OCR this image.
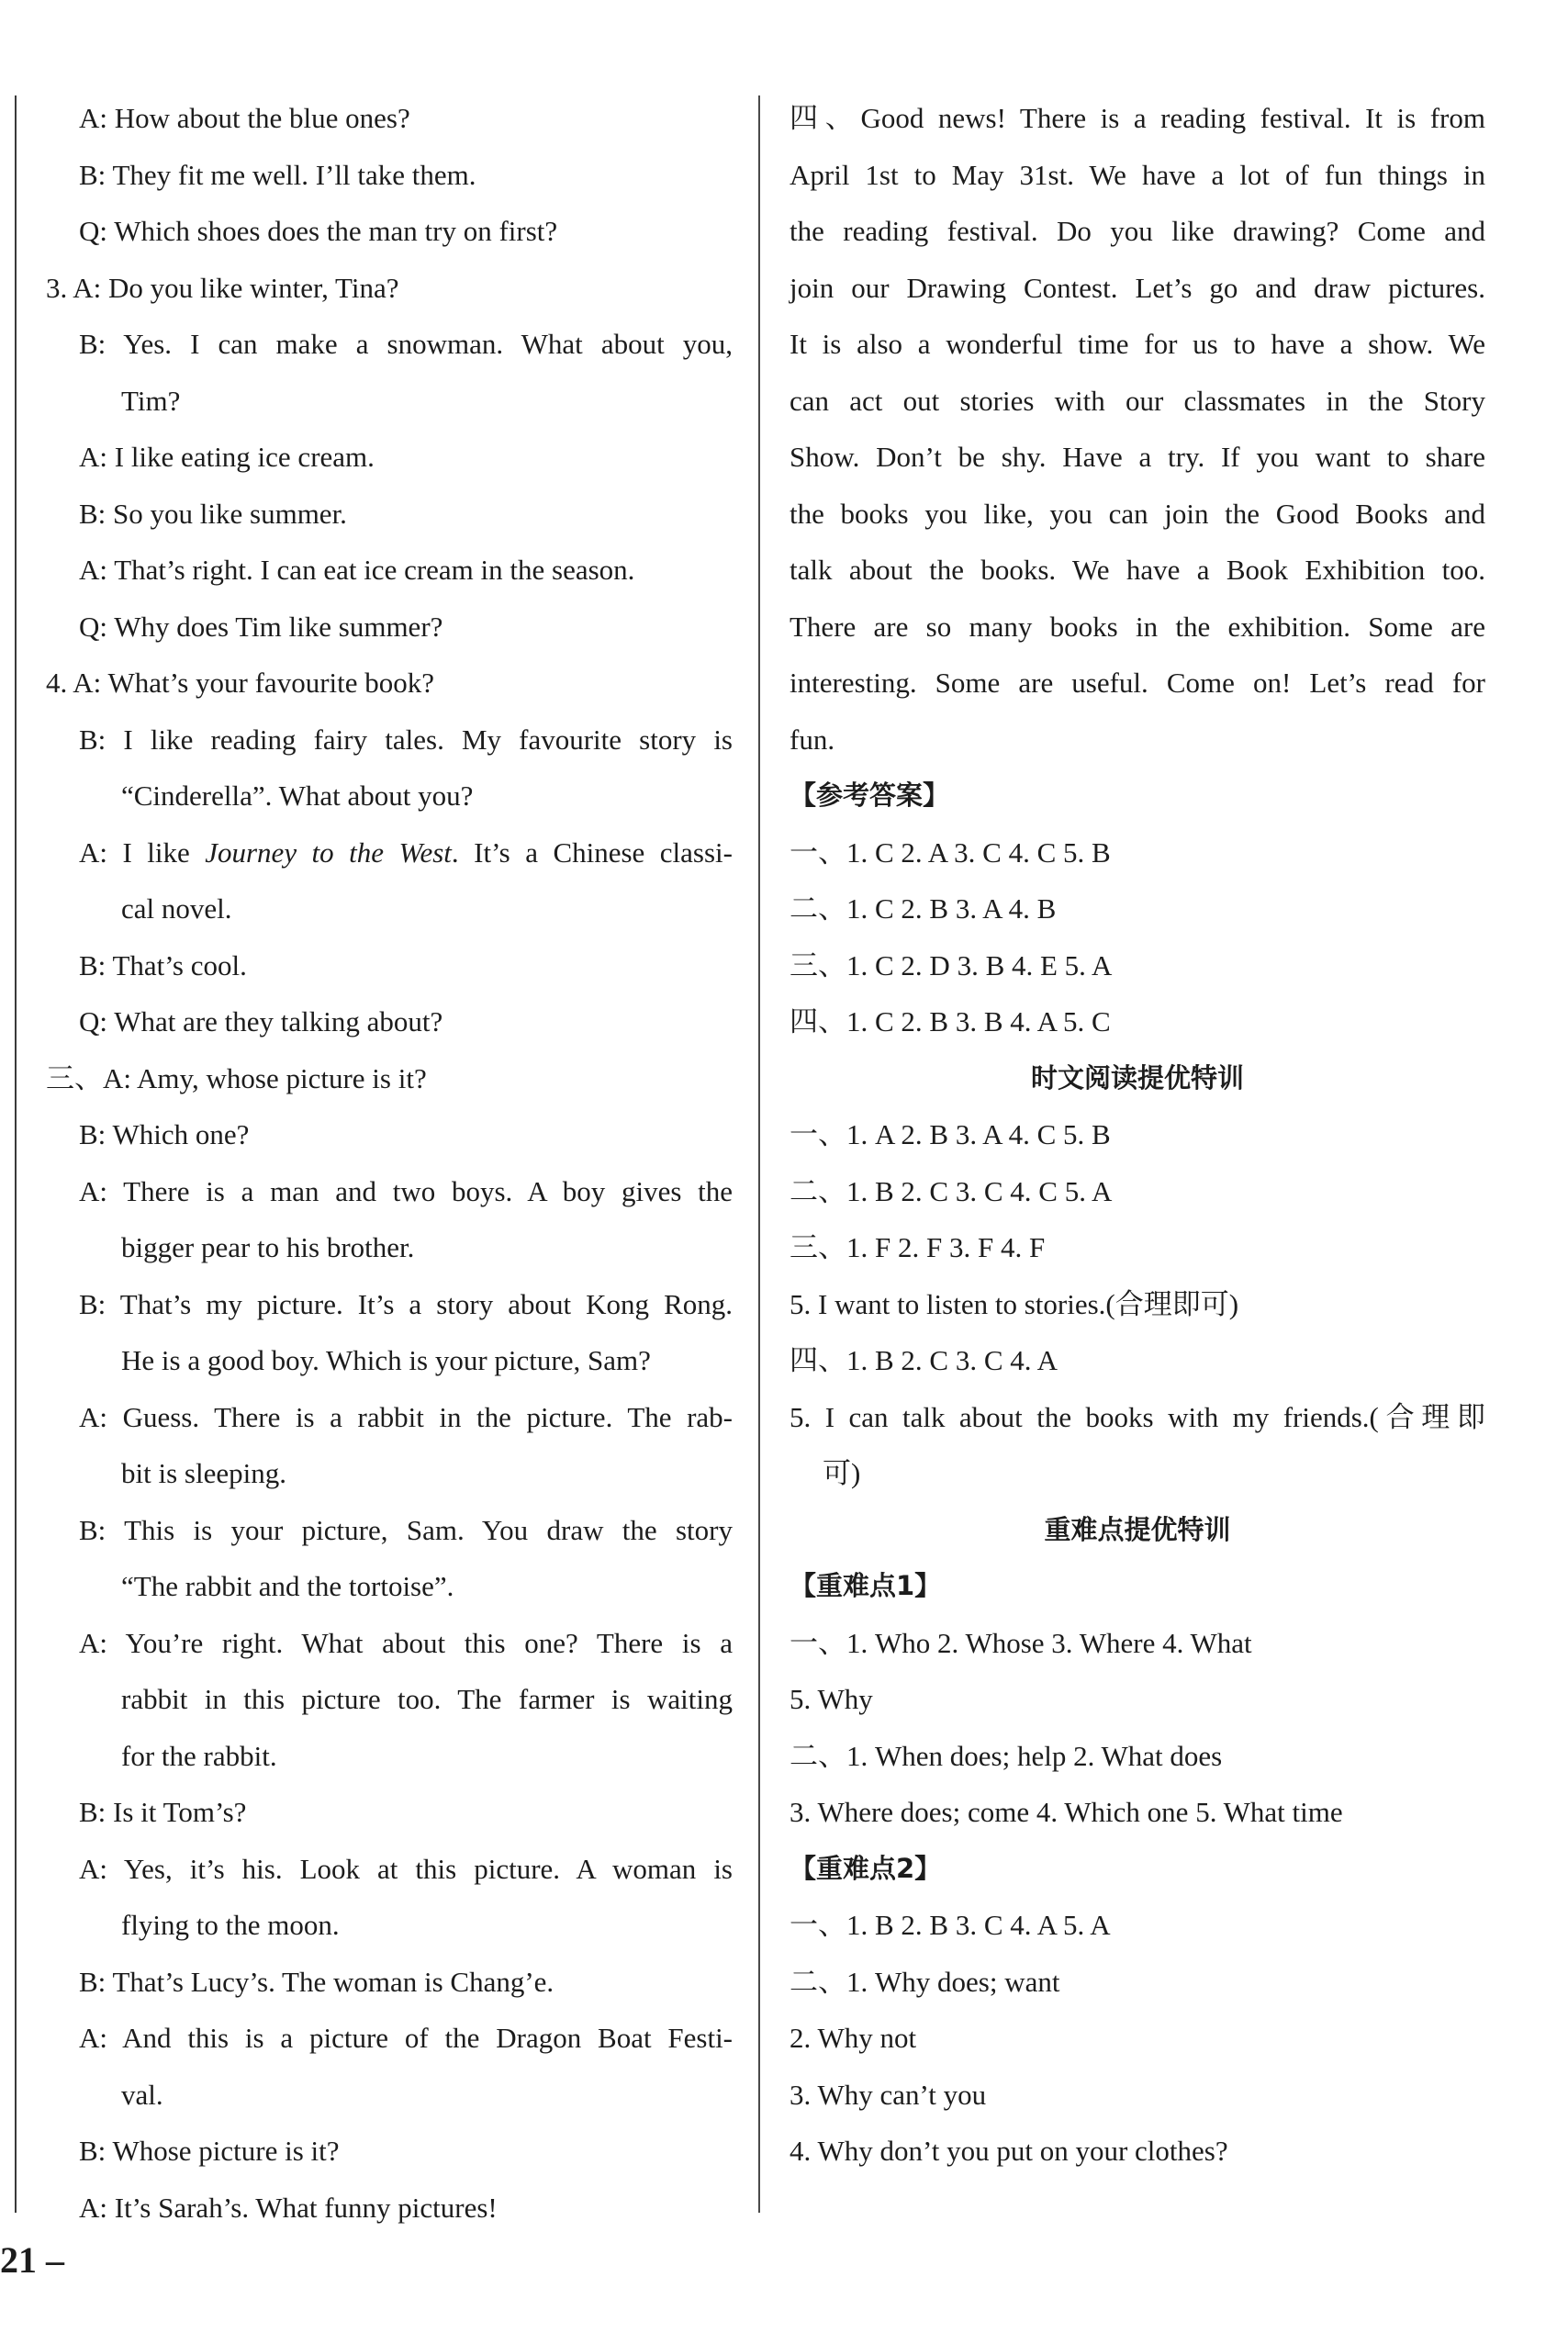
A: How about the blue ones?
B: They fit me well. I’ll take them.
Q: Which shoes does the man try on first?
3. A: Do you like winter, Tina?
B: Yes. I can make a snowman. What about you,
Tim?
A: I like eating ice cream.
B: So you like summer.
A: That’s right. I can eat ice cream in the season.
Q: Why does Tim like summer?
4. A: What’s your favourite book?
B: I like reading fairy tales. My favourite story is
“Cinderella”. What about you?
A: I like Journey to the West. It’s a Chinese classi-
cal novel.
B: That’s cool.
Q: What are they talking about?
三、A: Amy, whose picture is it?
B: Which one?
A: There is a man and two boys. A boy gives the
bigger pear to his brother.
B: That’s my picture. It’s a story about Kong Rong.
He is a good boy. Which is your picture, Sam?
A: Guess. There is a rabbit in the picture. The rab-
bit is sleeping.
B: This is your picture, Sam. You draw the story
“The rabbit and the tortoise”.
A: You’re right. What about this one? There is a
rabbit in this picture too. The farmer is waiting
for the rabbit.
B: Is it Tom’s?
A: Yes, it’s his. Look at this picture. A woman is
flying to the moon.
B: That’s Lucy’s. The woman is Chang’e.
A: And this is a picture of the Dragon Boat Festi-
val.
B: Whose picture is it?
A: It’s Sarah’s. What funny pictures!
四、Good news! There is a reading festival. It is from
April 1st to May 31st. We have a lot of fun things in
the reading festival. Do you like drawing? Come and
join our Drawing Contest. Let’s go and draw pictures.
It is also a wonderful time for us to have a show. We
can act out stories with our classmates in the Story
Show. Don’t be shy. Have a try. If you want to share
the books you like, you can join the Good Books and
talk about the books. We have a Book Exhibition too.
There are so many books in the exhibition. Some are
interesting. Some are useful. Come on! Let’s read for
fun.
【参考答案】
一、1. C 2. A 3. C 4. C 5. B
二、1. C 2. B 3. A 4. B
三、1. C 2. D 3. B 4. E 5. A
四、1. C 2. B 3. B 4. A 5. C
时文阅读提优特训
一、1. A 2. B 3. A 4. C 5. B
二、1. B 2. C 3. C 4. C 5. A
三、1. F 2. F 3. F 4. F
5. I want to listen to stories.(合理即可)
四、1. B 2. C 3. C 4. A
5. I can talk about the books with my friends.(合理即
可)
重难点提优特训
【重难点1】
一、1. Who 2. Whose 3. Where 4. What
5. Why
二、1. When does; help 2. What does
3. Where does; come 4. Which one 5. What time
【重难点2】
一、1. B 2. B 3. C 4. A 5. A
二、1. Why does; want
2. Why not
3. Why can’t you
4. Why don’t you put on your clothes?
21 –
